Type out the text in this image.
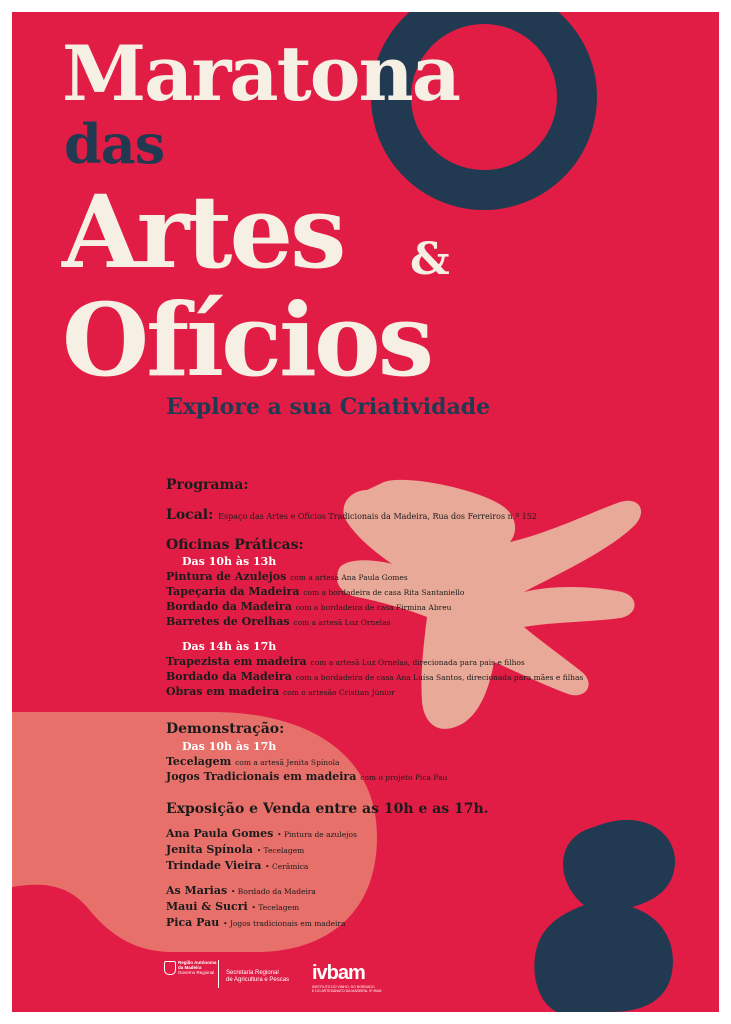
Maratona
das
Artes &
Ofícios
Explore a sua Criatividade
Programa:
Local: Espaço das Artes e Ofícios Tradicionais da Madeira, Rua dos Ferreiros n.º 152
Oficinas Práticas:
Das 10h às 13h
Pintura de Azulejos com a artesã Ana Paula Gomes
Tapeçaria da Madeira com a bordadeira de casa Rita Santaniello
Bordado da Madeira com a bordadeira de casa Firmina Abreu
Barretes de Orelhas com a artesã Luz Ornelas
Das 14h às 17h
Trapezista em madeira com a artesã Luz Ornelas, direcionada para pais e filhos
Bordado da Madeira com a bordadeira de casa Ana Luísa Santos, direcionada para mães e filhas
Obras em madeira com o artesão Cristian Júnior
Demonstração:
Das 10h às 17h
Tecelagem com a artesã Jenita Spínola
Jogos Tradicionais em madeira com o projeto Pica Pau
Exposição e Venda entre as 10h e as 17h.
Ana Paula Gomes • Pintura de azulejos
Jenita Spínola • Tecelagem
Trindade Vieira • Cerâmica
As Marias • Bordado da Madeira
Maui & Sucri • Tecelagem
Pica Pau • Jogos tradicionais em madeira
Região Autónoma
da Madeira
Governo Regional	Secretaria Regional
de Agricultura e Pescas ivbam
INSTITUTO DO VINHO, DO BORDADO
E DO ARTESANATO DA MADEIRA, IP-RAM
